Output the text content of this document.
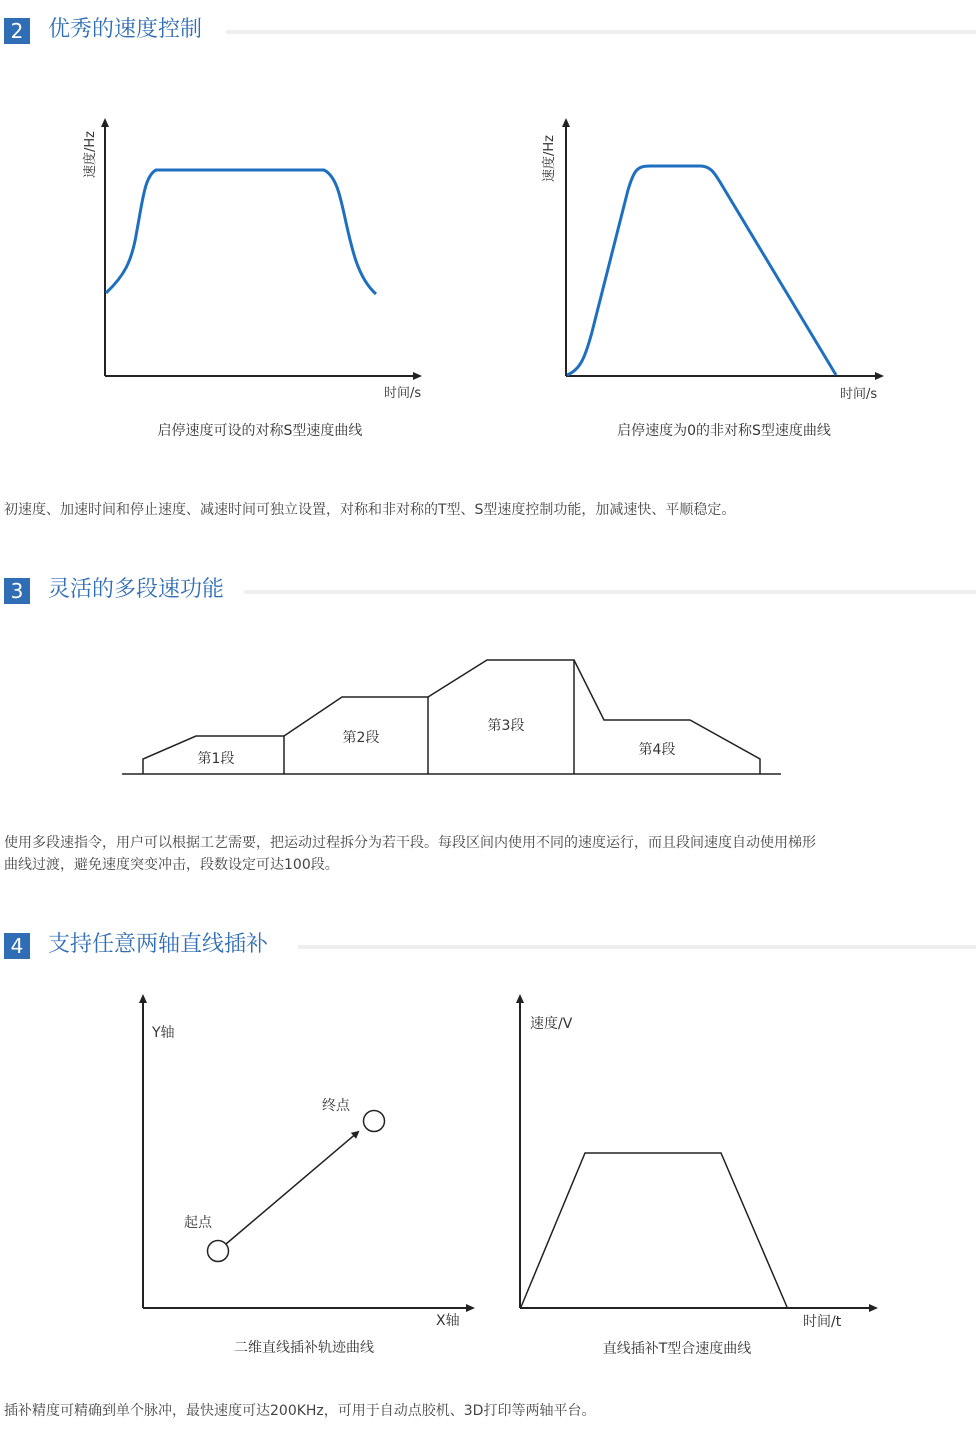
2	优秀的速度控制
速度/Hz
时间/s
启停速度可设的对称S型速度曲线
速度/Hz
时间/s
启停速度为0的非对称S型速度曲线
初速度、加速时间和停止速度、减速时间可独立设置，对称和非对称的T型、S型速度控制功能，加减速快、平顺稳定。
3	灵活的多段速功能
第1段
第2段
第3段
第4段
使用多段速指令，用户可以根据工艺需要，把运动过程拆分为若干段。每段区间内使用不同的速度运行，而且段间速度自动使用梯形
曲线过渡，避免速度突变冲击，段数设定可达100段。
4	支持任意两轴直线插补
Y轴
X轴
起点
终点
二维直线插补轨迹曲线
速度/V
时间/t
直线插补T型合速度曲线
插补精度可精确到单个脉冲，最快速度可达200KHz，可用于自动点胶机、3D打印等两轴平台。
